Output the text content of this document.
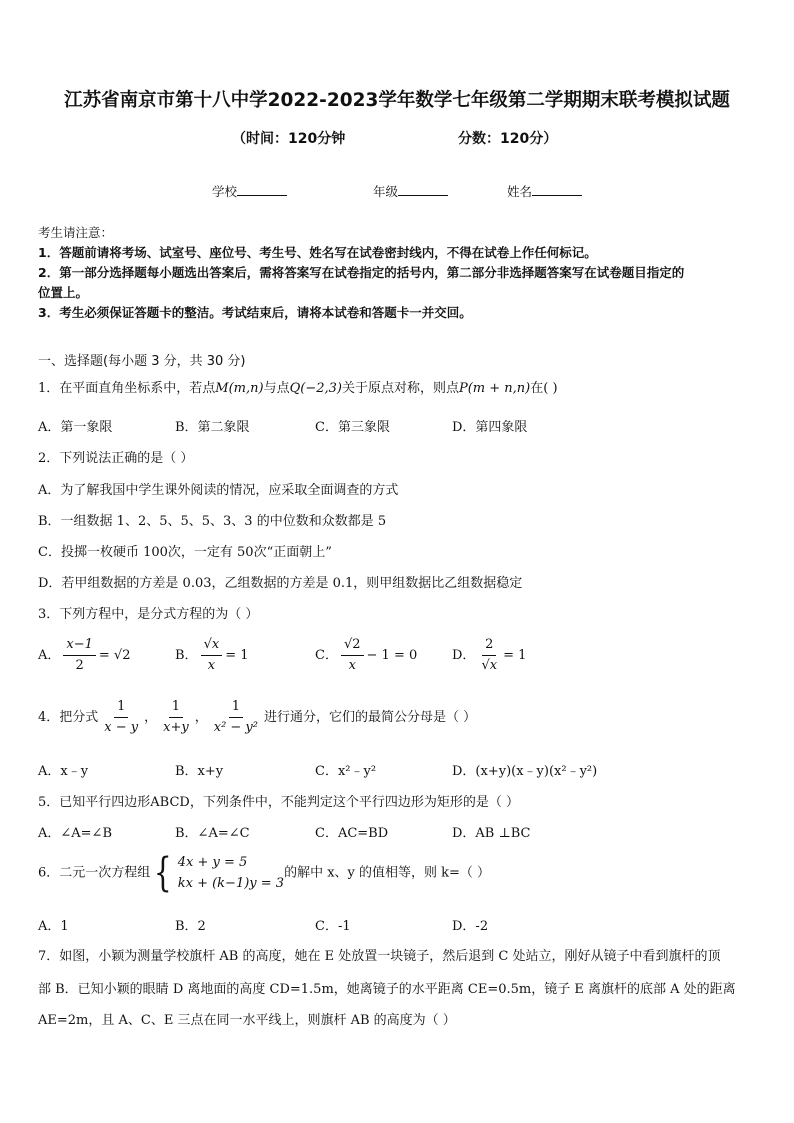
江苏省南京市第十八中学2022-2023学年数学七年级第二学期期末联考模拟试题
（时间：120分钟	分数：120分）
学校	年级	姓名
考生请注意：
1．答题前请将考场、试室号、座位号、考生号、姓名写在试卷密封线内，不得在试卷上作任何标记。
2．第一部分选择题每小题选出答案后，需将答案写在试卷指定的括号内，第二部分非选择题答案写在试卷题目指定的
位置上。
3．考生必须保证答题卡的整洁。考试结束后，请将本试卷和答题卡一并交回。
一、选择题(每小题 3 分，共 30 分)
1．在平面直角坐标系中，若点M(m,n)与点Q(−2,3)关于原点对称，则点P(m + n,n)在( )
A．第一象限	B．第二象限	C．第三象限	D．第四象限
2．下列说法正确的是（ ）
A．为了解我国中学生课外阅读的情况，应采取全面调查的方式
B．一组数据 1、2、5、5、5、3、3 的中位数和众数都是 5
C．投掷一枚硬币 100次，一定有 50次“正面朝上”
D．若甲组数据的方差是 0.03，乙组数据的方差是 0.1，则甲组数据比乙组数据稳定
3．下列方程中，是分式方程的为（ ）
A． $\frac{x-1}{2} = √2$	B． $\frac{√x}{x} = 1$	C． $\frac{√2}{x} - 1 = 0$	D． $\frac{2}{√x} = 1$
4．把分式 $\frac{1}{x - y}$ ， $\frac{1}{x+y}$ ， $\frac{1}{\text{x² − y²}}$ 进行通分，它们的最简公分母是（ ）
A．x﹣y	B．x+y	C．x²﹣y²	D．(x+y)(x﹣y)(x²﹣y²)
5．已知平行四边形ABCD，下列条件中，不能判定这个平行四边形为矩形的是（ ）
A．∠A=∠B	B．∠A=∠C	C．AC=BD	D．AB ⊥BC
6．二元一次方程组 { 4x + y = 5
kx + (k−1)y = 3
的解中 x、y 的值相等，则 k=（ ）
A．1	B．2	C．-1	D．-2
7．如图，小颖为测量学校旗杆 AB 的高度，她在 E 处放置一块镜子，然后退到 C 处站立，刚好从镜子中看到旗杆的顶
部 B．已知小颖的眼睛 D 离地面的高度 CD=1.5m，她离镜子的水平距离 CE=0.5m，镜子 E 离旗杆的底部 A 处的距离
AE=2m，且 A、C、E 三点在同一水平线上，则旗杆 AB 的高度为（ ）
